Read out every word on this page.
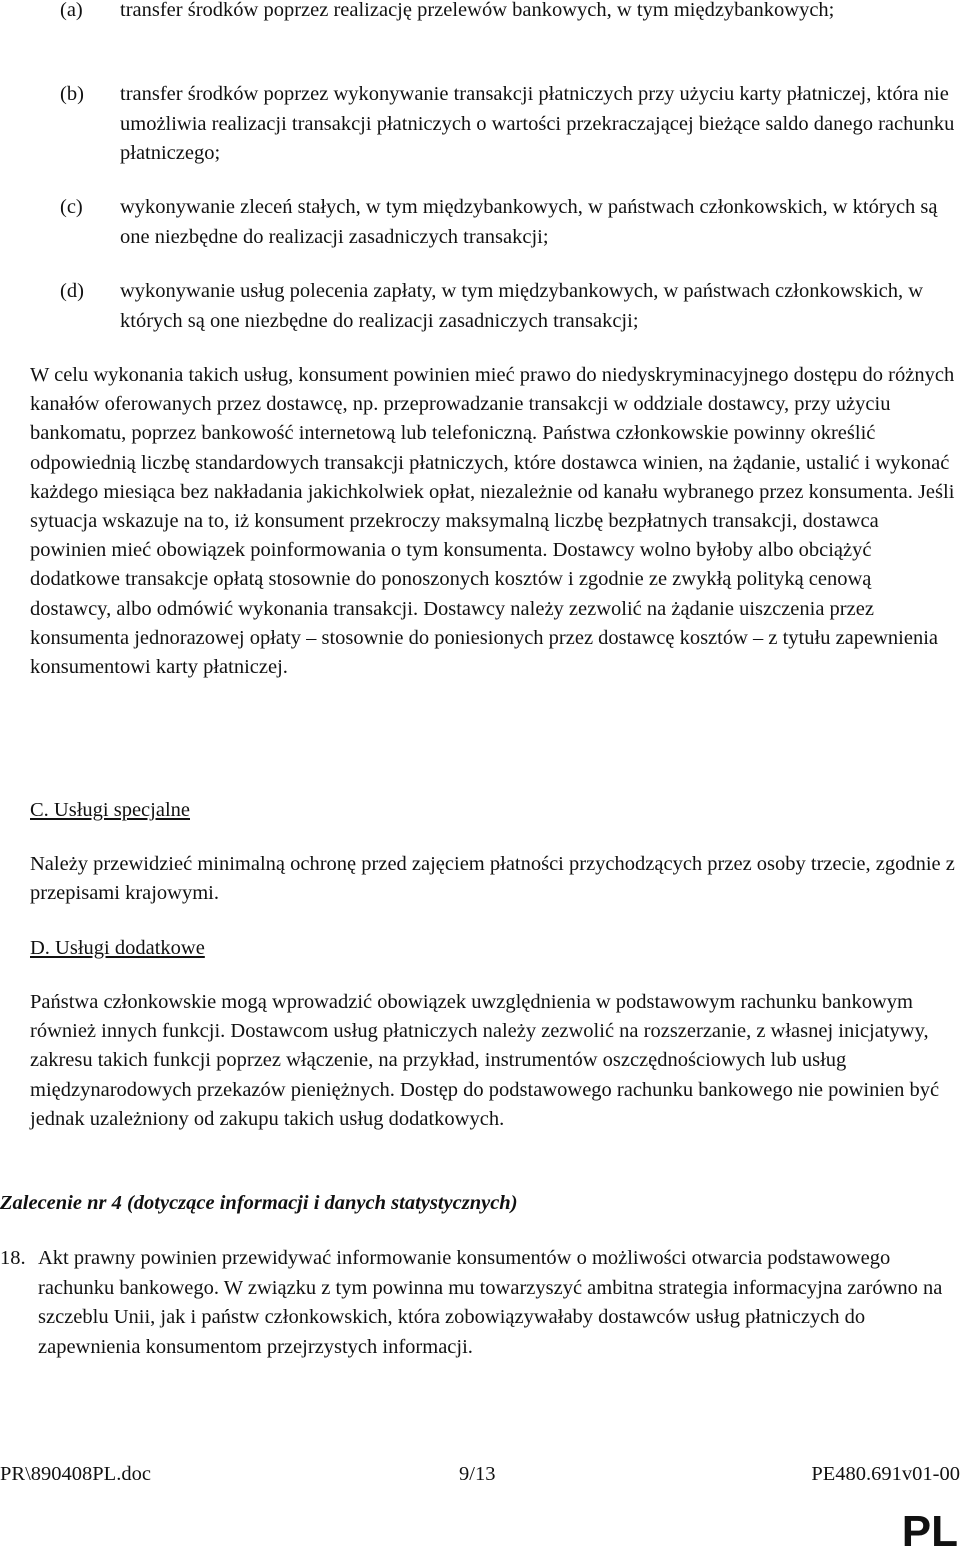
(a) transfer środków poprzez realizację przelewów bankowych, w tym międzybankowych;
(b) transfer środków poprzez wykonywanie transakcji płatniczych przy użyciu karty płatniczej, która nie umożliwia realizacji transakcji płatniczych o wartości przekraczającej bieżące saldo danego rachunku płatniczego;
(c) wykonywanie zleceń stałych, w tym międzybankowych, w państwach członkowskich, w których są one niezbędne do realizacji zasadniczych transakcji;
(d) wykonywanie usług polecenia zapłaty, w tym międzybankowych, w państwach członkowskich, w których są one niezbędne do realizacji zasadniczych transakcji;

W celu wykonania takich usług, konsument powinien mieć prawo do niedyskryminacyjnego dostępu do różnych kanałów oferowanych przez dostawcę, np. przeprowadzanie transakcji w oddziale dostawcy, przy użyciu bankomatu, poprzez bankowość internetową lub telefoniczną. Państwa członkowskie powinny określić odpowiednią liczbę standardowych transakcji płatniczych, które dostawca winien, na żądanie, ustalić i wykonać każdego miesiąca bez nakładania jakichkolwiek opłat, niezależnie od kanału wybranego przez konsumenta. Jeśli sytuacja wskazuje na to, iż konsument przekroczy maksymalną liczbę bezpłatnych transakcji, dostawca powinien mieć obowiązek poinformowania o tym konsumenta. Dostawcy wolno byłoby albo obciążyć dodatkowe transakcje opłatą stosownie do ponoszonych kosztów i zgodnie ze zwykłą polityką cenową dostawcy, albo odmówić wykonania transakcji. Dostawcy należy zezwolić na żądanie uiszczenia przez konsumenta jednorazowej opłaty – stosownie do poniesionych przez dostawcę kosztów – z tytułu zapewnienia konsumentowi karty płatniczej.

C. Usługi specjalne

Należy przewidzieć minimalną ochronę przed zajęciem płatności przychodzących przez osoby trzecie, zgodnie z przepisami krajowymi.

D. Usługi dodatkowe

Państwa członkowskie mogą wprowadzić obowiązek uwzględnienia w podstawowym rachunku bankowym również innych funkcji. Dostawcom usług płatniczych należy zezwolić na rozszerzanie, z własnej inicjatywy, zakresu takich funkcji poprzez włączenie, na przykład, instrumentów oszczędnościowych lub usług międzynarodowych przekazów pieniężnych. Dostęp do podstawowego rachunku bankowego nie powinien być jednak uzależniony od zakupu takich usług dodatkowych.

Zalecenie nr 4 (dotyczące informacji i danych statystycznych)
18. Akt prawny powinien przewidywać informowanie konsumentów o możliwości otwarcia podstawowego rachunku bankowego. W związku z tym powinna mu towarzyszyć ambitna strategia informacyjna zarówno na szczeblu Unii, jak i państw członkowskich, która zobowiązywałaby dostawców usług płatniczych do zapewnienia konsumentom przejrzystych informacji.
PR\890408PL.doc	9/13	PE480.691v01-00
PL
